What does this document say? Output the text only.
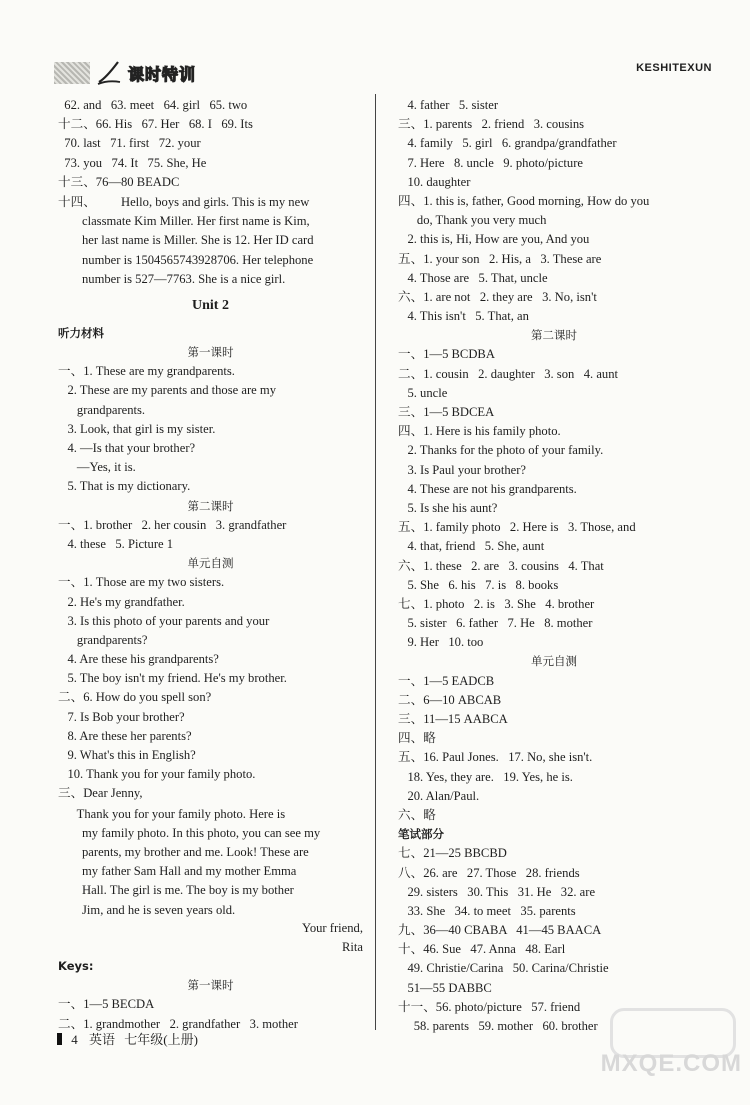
课时特训	KESHITEXUN
62. and   63. meet   64. girl   65. two
十二、66. His   67. Her   68. I   69. Its
70. last   71. first   72. your
73. you   74. It   75. She, He
十三、76—80 BEADC
十四、        Hello, boys and girls. This is my new
classmate Kim Miller. Her first name is Kim,
her last name is Miller. She is 12. Her ID card
number is 1504565743928706. Her telephone
number is 527—7763. She is a nice girl.
Unit 2
听力材料
第一课时
一、1. These are my grandparents.
2. These are my parents and those are my
grandparents.
3. Look, that girl is my sister.
4. —Is that your brother?
—Yes, it is.
5. That is my dictionary.
第二课时
一、1. brother   2. her cousin   3. grandfather
4. these   5. Picture 1
单元自测
一、1. Those are my two sisters.
2. He's my grandfather.
3. Is this photo of your parents and your
grandparents?
4. Are these his grandparents?
5. The boy isn't my friend. He's my brother.
二、6. How do you spell son?
7. Is Bob your brother?
8. Are these her parents?
9. What's this in English?
10. Thank you for your family photo.
三、Dear Jenny,
Thank you for your family photo. Here is
my family photo. In this photo, you can see my
parents, my brother and me. Look! These are
my father Sam Hall and my mother Emma
Hall. The girl is me. The boy is my bother
Jim, and he is seven years old.
Your friend,
Rita
Keys:
第一课时
一、1—5 BECDA
二、1. grandmother   2. grandfather   3. mother
4. father   5. sister
三、1. parents   2. friend   3. cousins
4. family   5. girl   6. grandpa/grandfather
7. Here   8. uncle   9. photo/picture
10. daughter
四、1. this is, father, Good morning, How do you
do, Thank you very much
2. this is, Hi, How are you, And you
五、1. your son   2. His, a   3. These are
4. Those are   5. That, uncle
六、1. are not   2. they are   3. No, isn't
4. This isn't   5. That, an
第二课时
一、1—5 BCDBA
二、1. cousin   2. daughter   3. son   4. aunt
5. uncle
三、1—5 BDCEA
四、1. Here is his family photo.
2. Thanks for the photo of your family.
3. Is Paul your brother?
4. These are not his grandparents.
5. Is she his aunt?
五、1. family photo   2. Here is   3. Those, and
4. that, friend   5. She, aunt
六、1. these   2. are   3. cousins   4. That
5. She   6. his   7. is   8. books
七、1. photo   2. is   3. She   4. brother
5. sister   6. father   7. He   8. mother
9. Her   10. too
单元自测
一、1—5 EADCB
二、6—10 ABCAB
三、11—15 AABCA
四、略
五、16. Paul Jones.   17. No, she isn't.
18. Yes, they are.   19. Yes, he is.
20. Alan/Paul.
六、略
笔试部分
七、21—25 BBCBD
八、26. are   27. Those   28. friends
29. sisters   30. This   31. He   32. are
33. She   34. to meet   35. parents
九、36—40 CBABA   41—45 BAACA
十、46. Sue   47. Anna   48. Earl
49. Christie/Carina   50. Carina/Christie
51—55 DABBC
十一、56. photo/picture   57. friend
58. parents   59. mother   60. brother
4 英语 七年级(上册)
MXQE.COM
